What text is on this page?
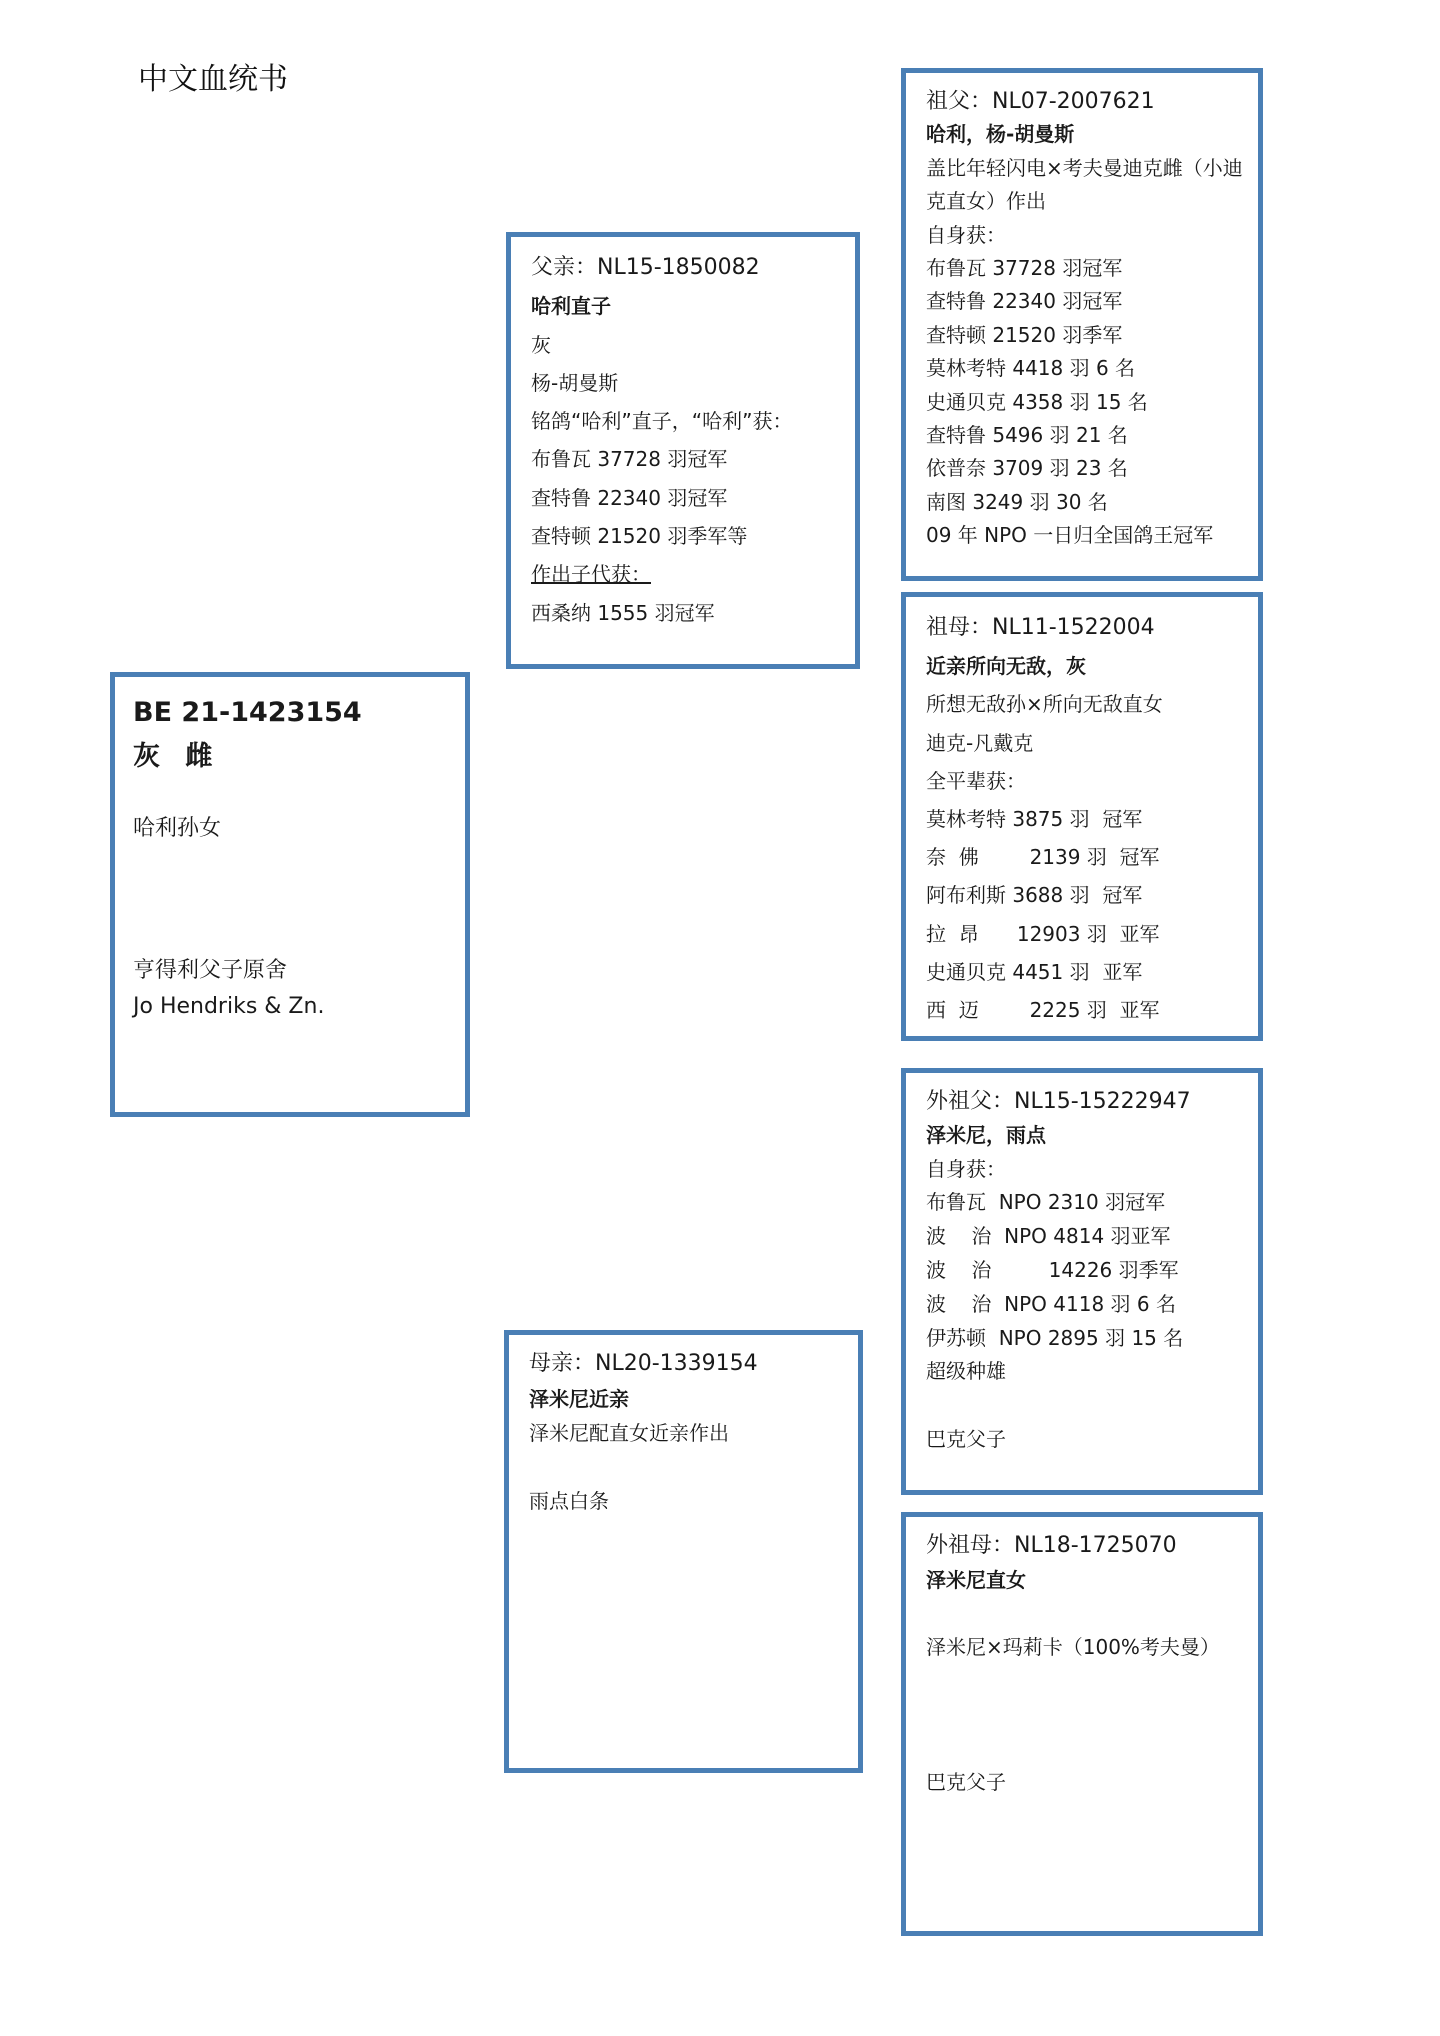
中文血统书
BE 21-1423154
灰 雌
哈利孙女
亨得利父子原舍
Jo Hendriks & Zn.
父亲：NL15-1850082
哈利直子
灰
杨-胡曼斯
铭鸽“哈利”直子，“哈利”获：
布鲁瓦 37728 羽冠军
查特鲁 22340 羽冠军
查特顿 21520 羽季军等
作出子代获：
西桑纳 1555 羽冠军
母亲：NL20-1339154
泽米尼近亲
泽米尼配直女近亲作出
雨点白条
祖父：NL07-2007621
哈利，杨-胡曼斯
盖比年轻闪电×考夫曼迪克雌（小迪
克直女）作出
自身获：
布鲁瓦 37728 羽冠军
查特鲁 22340 羽冠军
查特顿 21520 羽季军
莫林考特 4418 羽 6 名
史通贝克 4358 羽 15 名
查特鲁 5496 羽 21 名
依普奈 3709 羽 23 名
南图 3249 羽 30 名
09 年 NPO 一日归全国鸽王冠军
祖母：NL11-1522004
近亲所向无敌，灰
所想无敌孙×所向无敌直女
迪克-凡戴克
全平辈获：
莫林考特 3875 羽  冠军
奈  佛        2139 羽  冠军
阿布利斯 3688 羽  冠军
拉  昂      12903 羽  亚军
史通贝克 4451 羽  亚军
西  迈        2225 羽  亚军
外祖父：NL15-15222947
泽米尼，雨点
自身获：
布鲁瓦  NPO 2310 羽冠军
波    治  NPO 4814 羽亚军
波    治         14226 羽季军
波    治  NPO 4118 羽 6 名
伊苏顿  NPO 2895 羽 15 名
超级种雄
巴克父子
外祖母：NL18-1725070
泽米尼直女
泽米尼×玛莉卡（100%考夫曼）
巴克父子
